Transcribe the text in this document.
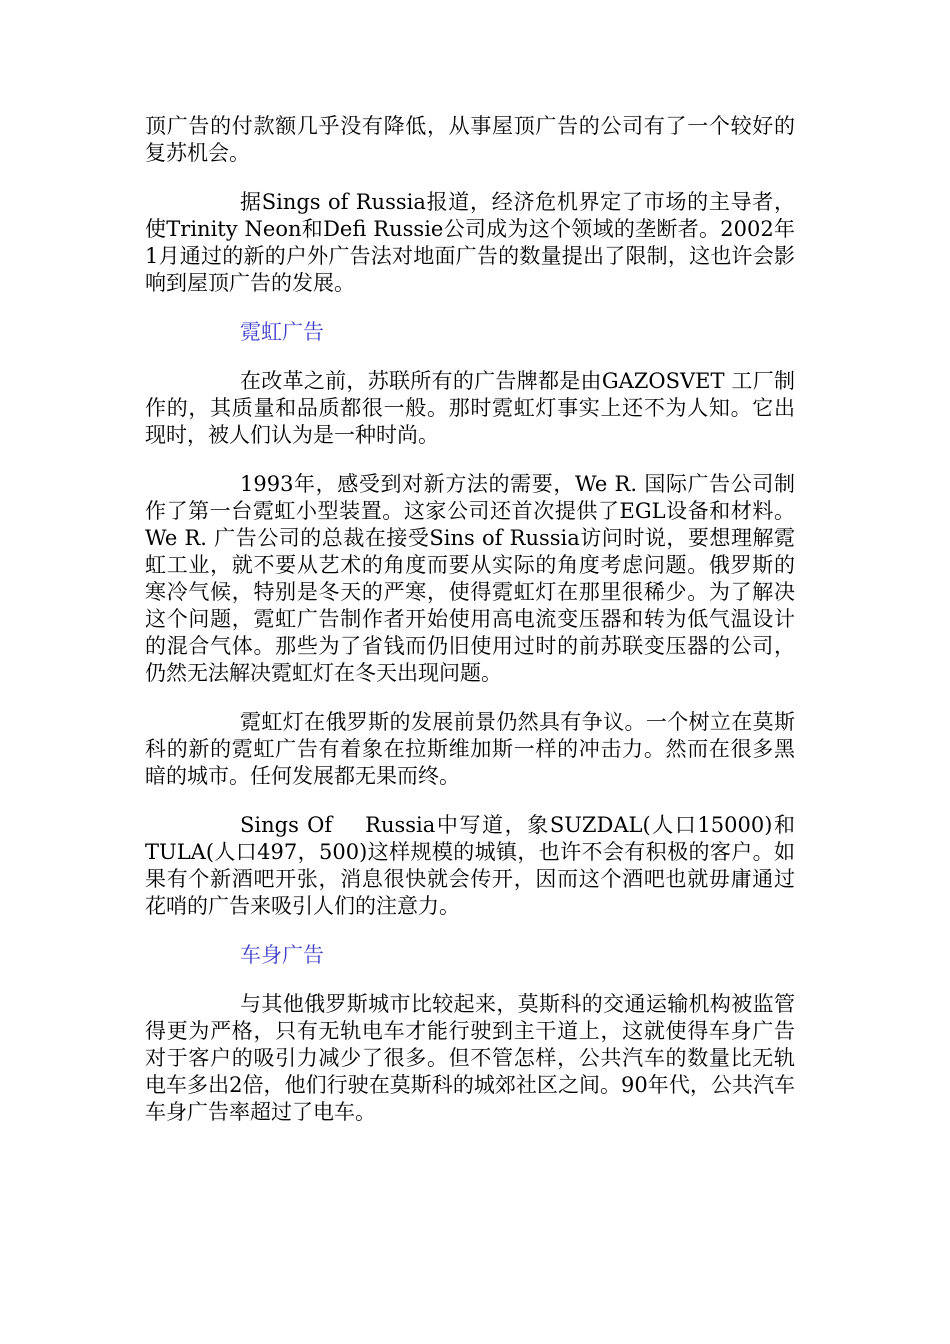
顶广告的付款额几乎没有降低，从事屋顶广告的公司有了一个较好的复苏机会。

据Sings of Russia报道，经济危机界定了市场的主导者，使Trinity Neon和Defi Russie公司成为这个领域的垄断者。2002年1月通过的新的户外广告法对地面广告的数量提出了限制，这也许会影响到屋顶广告的发展。

霓虹广告

在改革之前，苏联所有的广告牌都是由GAZOSVET 工厂制作的，其质量和品质都很一般。那时霓虹灯事实上还不为人知。它出现时，被人们认为是一种时尚。

1993年，感受到对新方法的需要，We R. 国际广告公司制作了第一台霓虹小型装置。这家公司还首次提供了EGL设备和材料。We R. 广告公司的总裁在接受Sins of Russia访问时说，要想理解霓虹工业，就不要从艺术的角度而要从实际的角度考虑问题。俄罗斯的寒冷气候，特别是冬天的严寒，使得霓虹灯在那里很稀少。为了解决这个问题，霓虹广告制作者开始使用高电流变压器和转为低气温设计的混合气体。那些为了省钱而仍旧使用过时的前苏联变压器的公司，仍然无法解决霓虹灯在冬天出现问题。

霓虹灯在俄罗斯的发展前景仍然具有争议。一个树立在莫斯科的新的霓虹广告有着象在拉斯维加斯一样的冲击力。然而在很多黑暗的城市。任何发展都无果而终。

Sings Of    Russia中写道，象SUZDAL(人口15000)和TULA(人口497，500)这样规模的城镇，也许不会有积极的客户。如果有个新酒吧开张，消息很快就会传开，因而这个酒吧也就毋庸通过花哨的广告来吸引人们的注意力。

车身广告

与其他俄罗斯城市比较起来，莫斯科的交通运输机构被监管得更为严格，只有无轨电车才能行驶到主干道上，这就使得车身广告对于客户的吸引力减少了很多。但不管怎样，公共汽车的数量比无轨电车多出2倍，他们行驶在莫斯科的城郊社区之间。90年代，公共汽车车身广告率超过了电车。
